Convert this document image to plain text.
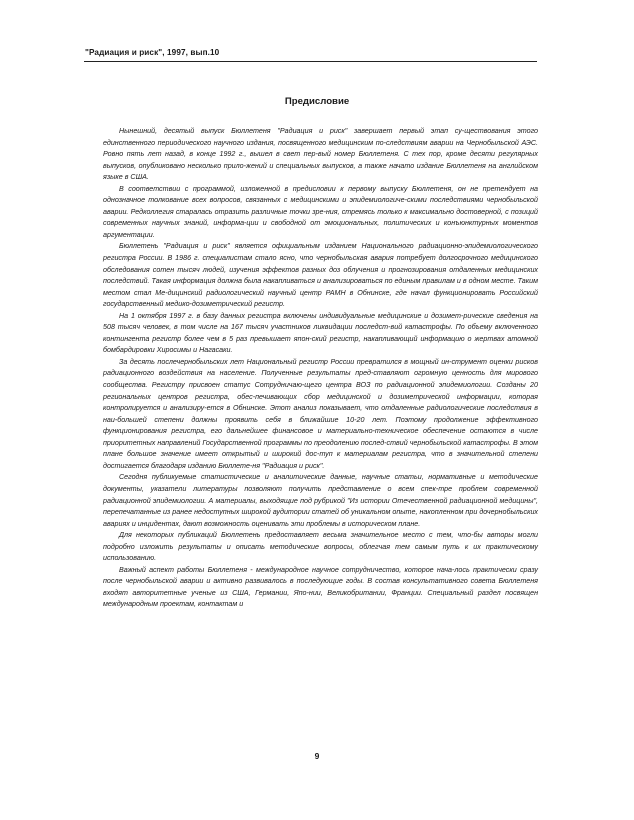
"Радиация и риск", 1997, вып.10
Предисловие

Нынешний, десятый выпуск Бюллетеня "Радиация и риск" завершает первый этап су-ществования этого единственного периодического научного издания, посвященного медицинским по-следствиям аварии на Чернобыльской АЭС. Ровно пять лет назад, в конце 1992 г., вышел в свет пер-вый номер Бюллетеня. С тех пор, кроме десяти регулярных выпусков, опубликовано несколько прило-жений и специальных выпусков, а также начато издание Бюллетеня на английском языке в США.

В соответствии с программой, изложенной в предисловии к первому выпуску Бюллетеня, он не претендует на однозначное толкование всех вопросов, связанных с медицинскими и эпидемиологиче-скими последствиями чернобыльской аварии. Редколлегия старалась отразить различные точки зре-ния, стремясь только к максимально достоверной, с позиций современных научных знаний, информа-ции и свободной от эмоциональных, политических и конъюнктурных моментов аргументации.

Бюллетень "Радиация и риск" является официальным изданием Национального радиационно-эпидемиологического регистра России. В 1986 г. специалистам стало ясно, что чернобыльская авария потребует долгосрочного медицинского обследования сотен тысяч людей, изучения эффектов разных доз облучения и прогнозирования отдаленных медицинских последствий. Такая информация должна была накапливаться и анализироваться по единым правилам и в одном месте. Таким местом стал Ме-дицинский радиологический научный центр РАМН в Обнинске, где начал функционировать Российский государственный медико-дозиметрический регистр.

На 1 октября 1997 г. в базу данных регистра включены индивидуальные медицинские и дозимет-рические сведения на 508 тысяч человек, в том числе на 167 тысяч участников ликвидации последст-вий катастрофы. По объему включенного контингента регистр более чем в 5 раз превышает япон-ский регистр, накапливающий информацию о жертвах атомной бомбардировки Хиросимы и Нагасаки.

За десять послечернобыльских лет Национальный регистр России превратился в мощный ин-струмент оценки рисков радиационного воздействия на население. Полученные результаты пред-ставляют огромную ценность для мирового сообщества. Регистру присвоен статус Сотрудничаю-щего центра ВОЗ по радиационной эпидемиологии. Созданы 20 региональных центров регистра, обес-печивающих сбор медицинской и дозиметрической информации, которая контролируется и анализиру-ется в Обнинске. Этот анализ показывает, что отдаленные радиологические последствия в наи-большей степени должны проявить себя в ближайшие 10-20 лет. Поэтому продолжение эффективного функционирования регистра, его дальнейшее финансовое и материально-техническое обеспечение остаются в числе приоритетных направлений Государственной программы по преодолению послед-ствий чернобыльской катастрофы. В этом плане большое значение имеет открытый и широкий дос-туп к материалам регистра, что в значительной степени достигается благодаря изданию Бюллете-ня "Радиация и риск".

Сегодня публикуемые статистические и аналитические данные, научные статьи, нормативные и методические документы, указатели литературы позволяют получить представление о всем спек-тре проблем современной радиационной эпидемиологии. А материалы, выходящие под рубрикой "Из истории Отечественной радиационной медицины", перепечатанные из ранее недоступных широкой аудитории статей об уникальном опыте, накопленном при дочернобыльских авариях и инцидентах, дают возможность оценивать эти проблемы в историческом плане.

Для некоторых публикаций Бюллетень предоставляет весьма значительное место с тем, что-бы авторы могли подробно изложить результаты и описать методические вопросы, облегчая тем самым путь к их практическому использованию.

Важный аспект работы Бюллетеня - международное научное сотрудничество, которое нача-лось практически сразу после чернобыльской аварии и активно развивалось в последующие годы. В состав консультативного совета Бюллетеня входят авторитетные ученые из США, Германии, Япо-нии, Великобритании, Франции. Специальный раздел посвящен международным проектам, контактам и

9
